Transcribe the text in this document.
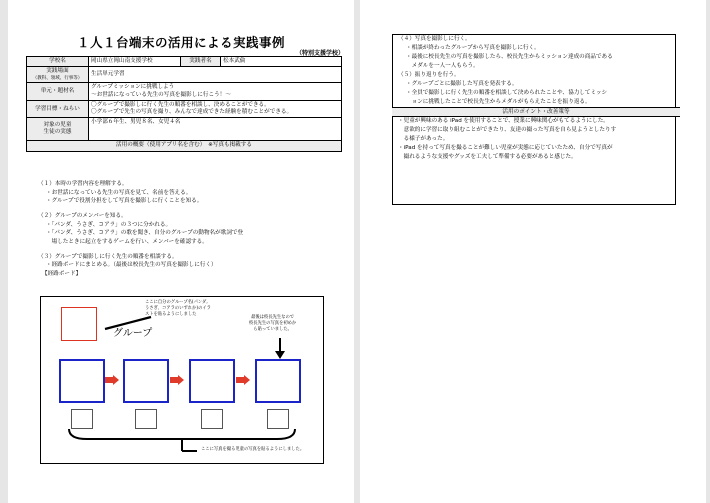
１人１台端末の活用による実践事例
（特別支援学校）
学校名	岡山県立岡山南支援学校	実践者名	松本武倫

実践場面
（教科、領域、行事等）	生活単元学習		
単元・題材名	グループミッションに挑戦しよう
～お世話になっている先生の写真を撮影しに行こう！～		

学習目標・ねらい	〇グループで撮影しに行く先生の順番を相談し、決めることができる。
〇グループで先生の写真を撮り、みんなで達成できた経験を積むことができる。		

対象の児童
生徒の実態	小学部６年生、男児８名、女児４名		
活用の概要（使用アプリ名を含む）　※写真も掲載する			
（１）本時の学習内容を理解する。
・お世話になっている先生の写真を見て、名前を答える。
・グループで役割分担をして写真を撮影しに行くことを知る。
（２）グループのメンバーを知る。
・「パンダ、うさぎ、コアラ」の３つに分かれる。
・「パンダ、うさぎ、コアラ」の歌を聞き、自分のグループの動物名が歌詞で登
　場したときに起立をするゲームを行い、メンバーを確認する。
（３）グループで撮影しに行く先生の順番を相談する。
・経路ボードにまとめる。（最後は校長先生の写真を撮影しに行く）
【経路ボード】
グループ
ここに自分のグループ名(パンダ,
うさぎ、コアラのいずれか)のイラ
ストを貼るようにしました
最後は校長先生なので
校長先生の写真を初めか
ら貼っていました。
ここに写真を撮る児童の写真を貼るようにしました。
（４）写真を撮影しに行く。
・相談が終わったグループから写真を撮影しに行く。
・最後に校長先生の写真を撮影したら、校長先生からミッション達成の商品である
　メダルを一人一人もらう。
（５）振り返りを行う。
・グループごとに撮影した写真を発表する。
・全員で撮影しに行く先生の順番を相談して決められたことや、協力してミッシ
　ョンに挑戦したことで校長先生からメダルがもらえたことを振り返る。
活用のポイント・改善策等
・児童が興味のある iPad を使用することで、授業に興味関心がもてるようにした。
　意欲的に学習に取り組むことができたり、友達の撮った写真を自ら見ようとしたりす
　る様子があった。
・iPad を持って写真を撮ることが難しい児童が実態に応じていたため、自分で写真が
　撮れるような支援やグッズを工夫して準備する必要があると感じた。
